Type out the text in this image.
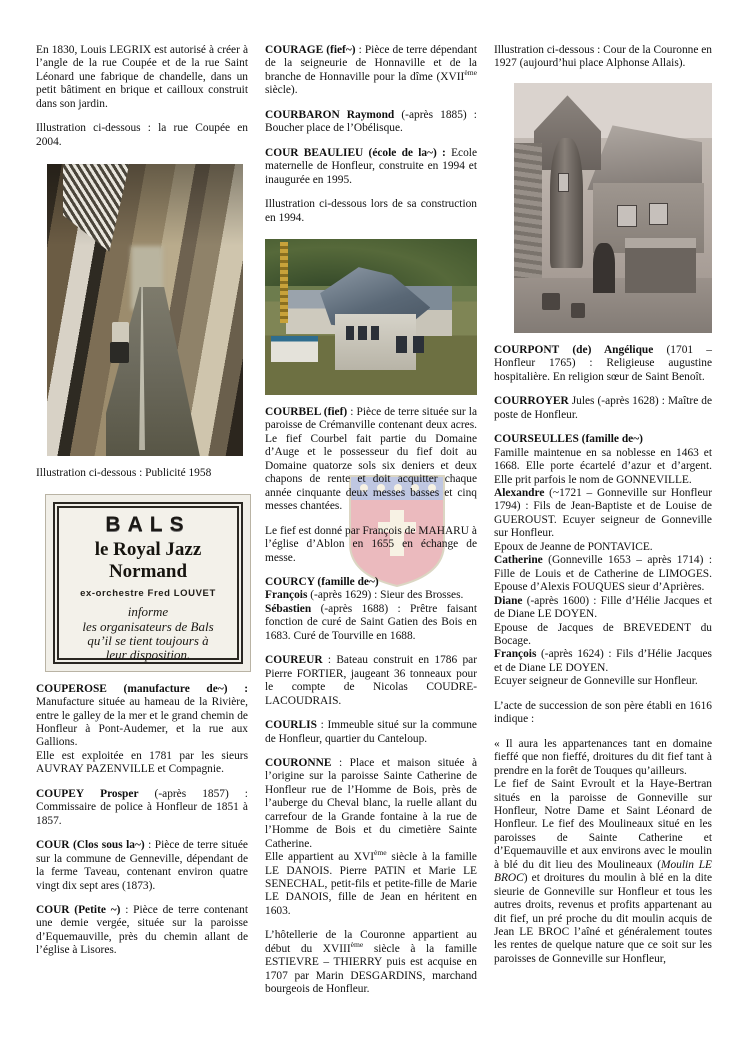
En 1830, Louis LEGRIX est autorisé à créer à l’angle de la rue Coupée et de la rue Saint Léonard une fabrique de chandelle, dans un petit bâtiment en brique et cailloux construit dans son jardin.

Illustration ci-dessous : la rue Coupée en 2004.

Illustration ci-dessous : Publicité 1958

BALS
le Royal Jazz Normand
ex-orchestre Fred LOUVET
informe
les organisateurs de Bals
qu’il se tient toujours à
leur disposition.

COUPEROSE (manufacture de~) : Manufacture située au hameau de la Rivière, entre le galley de la mer et le grand chemin de Honfleur à Pont-Audemer, et la rue aux Gallions.

Elle est exploitée en 1781 par les sieurs AUVRAY PAZENVILLE et Compagnie.

COUPEY Prosper (-après 1857) : Commissaire de police à Honfleur de 1851 à 1857.

COUR (Clos sous la~) : Pièce de terre située sur la commune de Genneville, dépendant de la ferme Taveau, contenant environ quatre vingt dix sept ares (1873).

COUR (Petite ~) : Pièce de terre contenant une demie vergée, située sur la paroisse d’Equemauville, près du chemin allant de l’église à Lisores.

COURAGE (fief~) : Pièce de terre dépendant de la seigneurie de Honnaville et de la branche de Honnaville pour la dîme (XVIIème siècle).

COURBARON Raymond (-après 1885) : Boucher place de l’Obélisque.

COUR BEAULIEU (école de la~) : Ecole maternelle de Honfleur, construite en 1994 et inaugurée en 1995.

Illustration ci-dessous lors de sa construction en 1994.

COURBEL (fief) : Pièce de terre située sur la paroisse de Crémanville contenant deux acres. Le fief Courbel fait partie du Domaine d’Auge et le possesseur du fief doit au Domaine quatorze sols six deniers et deux chapons de rente et doit acquitter chaque année cinquante deux messes basses et cinq messes chantées.

Le fief est donné par François de MAHARU à l’église d’Ablon en 1655 en échange de messe.

COURCY (famille de~)

François (-après 1629) : Sieur des Brosses.

Sébastien (-après 1688) : Prêtre faisant fonction de curé de Saint Gatien des Bois en 1683. Curé de Tourville en 1688.

COUREUR : Bateau construit en 1786 par Pierre FORTIER, jaugeant 36 tonneaux pour le compte de Nicolas COUDRE-LACOUDRAIS.

COURLIS : Immeuble situé sur la commune de Honfleur, quartier du Canteloup.

COURONNE : Place et maison située à l’origine sur la paroisse Sainte Catherine de Honfleur rue de l’Homme de Bois, près de l’auberge du Cheval blanc, la ruelle allant du carrefour de la Grande fontaine à la rue de l’Homme de Bois et du cimetière Sainte Catherine.

Elle appartient au XVIème siècle à la famille LE DANOIS. Pierre PATIN et Marie LE SENECHAL, petit-fils et petite-fille de Marie LE DANOIS, fille de Jean en héritent en 1603.

L’hôtellerie de la Couronne appartient au début du XVIIIème siècle à la famille ESTIEVRE – THIERRY puis est acquise en 1707 par Marin DESGARDINS, marchand bourgeois de Honfleur.

Illustration ci-dessous : Cour de la Couronne en 1927 (aujourd’hui place Alphonse Allais).

COURPONT (de) Angélique (1701 – Honfleur 1765) : Religieuse augustine hospitalière. En religion sœur de Saint Benoît.

COURROYER Jules (-après 1628) : Maître de poste de Honfleur.

COURSEULLES (famille de~)

Famille maintenue en sa noblesse en 1463 et 1668. Elle porte écartelé d’azur et d’argent. Elle prit parfois le nom de GONNEVILLE.

Alexandre (~1721 – Gonneville sur Honfleur 1794) : Fils de Jean-Baptiste et de Louise de GUEROUST. Ecuyer seigneur de Gonneville sur Honfleur.

Epoux de Jeanne de PONTAVICE.

Catherine (Gonneville 1653 – après 1714) : Fille de Louis et de Catherine de LIMOGES. Epouse d’Alexis FOUQUES sieur d’Aprières.

Diane (-après 1600) : Fille d’Hélie Jacques et de Diane LE DOYEN.

Epouse de Jacques de BREVEDENT du Bocage.

François (-après 1624) : Fils d’Hélie Jacques et de Diane LE DOYEN.

Ecuyer seigneur de Gonneville sur Honfleur.

L’acte de succession de son père établi en 1616 indique :

« Il aura les appartenances tant en domaine fieffé que non fieffé, droitures du dit fief tant à prendre en la forêt de Touques qu’ailleurs.

Le fief de Saint Evroult et la Haye-Bertran situés en la paroisse de Gonneville sur Honfleur, Notre Dame et Saint Léonard de Honfleur. Le fief des Moulineaux situé en les paroisses de Sainte Catherine et d’Equemauville et aux environs avec le moulin à blé du dit lieu des Moulineaux (Moulin LE BROC) et droitures du moulin à blé en la dite sieurie de Gonneville sur Honfleur et tous les autres droits, revenus et profits appartenant au dit fief, un pré proche du dit moulin acquis de Jean LE BROC l’aîné et généralement toutes les rentes de quelque nature que ce soit sur les paroisses de Gonneville sur Honfleur,
